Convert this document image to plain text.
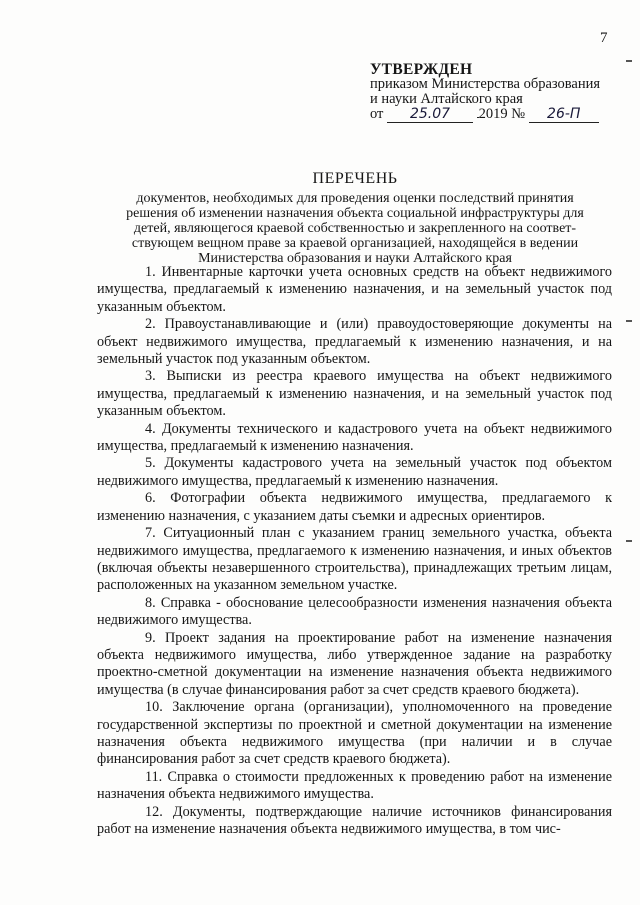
7
УТВЕРЖДЕН
приказом Министерства образования
и науки Алтайского края
от 25.07 2019 № 26-П
ПЕРЕЧЕНЬ
документов, необходимых для проведения оценки последствий принятия
решения об изменении назначения объекта социальной инфраструктуры для
детей, являющегося краевой собственностью и закрепленного на соответ-
ствующем вещном праве за краевой организацией, находящейся в ведении
Министерства образования и науки Алтайского края

1. Инвентарные карточки учета основных средств на объект недвижимого имущества, предлагаемый к изменению назначения, и на земельный участок под указанным объектом.

2. Правоустанавливающие и (или) правоудостоверяющие документы на объект недвижимого имущества, предлагаемый к изменению назначения, и на земельный участок под указанным объектом.

3. Выписки из реестра краевого имущества на объект недвижимого имущества, предлагаемый к изменению назначения, и на земельный участок под указанным объектом.

4. Документы технического и кадастрового учета на объект недвижимого имущества, предлагаемый к изменению назначения.

5. Документы кадастрового учета на земельный участок под объектом недвижимого имущества, предлагаемый к изменению назначения.

6. Фотографии объекта недвижимого имущества, предлагаемого к изменению назначения, с указанием даты съемки и адресных ориентиров.

7. Ситуационный план с указанием границ земельного участка, объекта недвижимого имущества, предлагаемого к изменению назначения, и иных объектов (включая объекты незавершенного строительства), принадлежащих третьим лицам, расположенных на указанном земельном участке.

8. Справка - обоснование целесообразности изменения назначения объекта недвижимого имущества.

9. Проект задания на проектирование работ на изменение назначения объекта недвижимого имущества, либо утвержденное задание на разработку проектно-сметной документации на изменение назначения объекта недвижимого имущества (в случае финансирования работ за счет средств краевого бюджета).

10. Заключение органа (организации), уполномоченного на проведение государственной экспертизы по проектной и сметной документации на изменение назначения объекта недвижимого имущества (при наличии и в случае финансирования работ за счет средств краевого бюджета).

11. Справка о стоимости предложенных к проведению работ на изменение назначения объекта недвижимого имущества.

12. Документы, подтверждающие наличие источников финансирования работ на изменение назначения объекта недвижимого имущества, в том чис-
